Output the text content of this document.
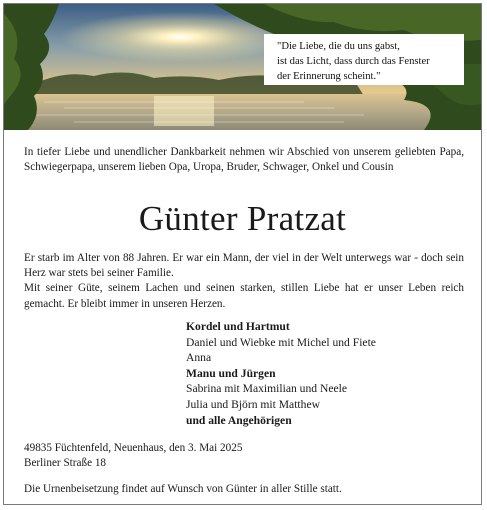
"Die Liebe, die du uns gabst,
ist das Licht, dass durch das Fenster
der Erinnerung scheint."

In tiefer Liebe und unendlicher Dankbarkeit nehmen wir Abschied von unserem geliebten Papa, Schwiegerpapa, unserem lieben Opa, Uropa, Bruder, Schwager, Onkel und Cousin

Günter Pratzat

Er starb im Alter von 88 Jahren. Er war ein Mann, der viel in der Welt unterwegs war - doch sein Herz war stets bei seiner Familie.

Mit seiner Güte, seinem Lachen und seinen starken, stillen Liebe hat er unser Leben reich gemacht. Er bleibt immer in unseren Herzen.

Kordel und Hartmut
Daniel und Wiebke mit Michel und Fiete
Anna
Manu und Jürgen
Sabrina mit Maximilian und Neele
Julia und Björn mit Matthew
und alle Angehörigen
49835 Füchtenfeld, Neuenhaus, den 3. Mai 2025
Berliner Straße 18
Die Urnenbeisetzung findet auf Wunsch von Günter in aller Stille statt.
